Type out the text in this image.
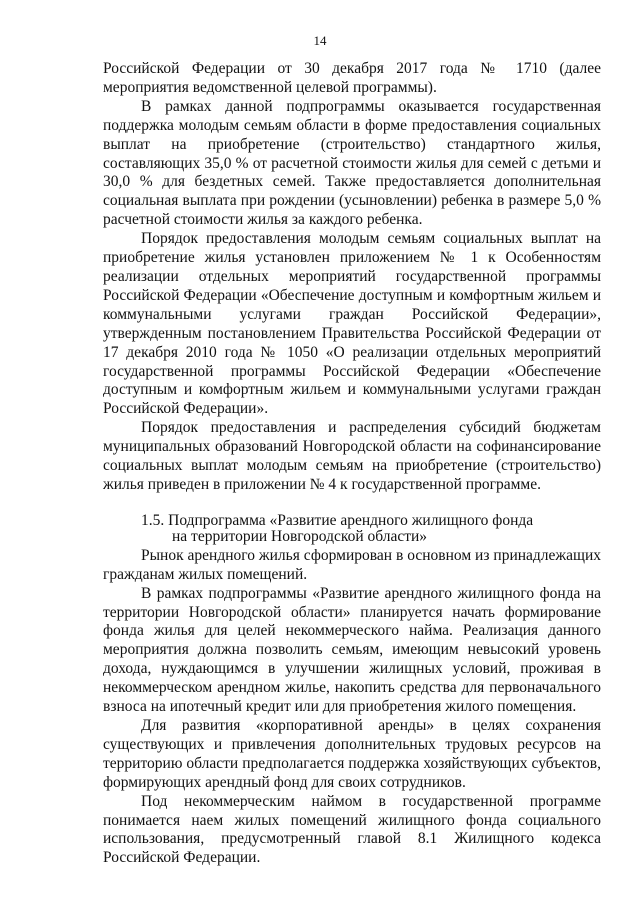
14

Российской Федерации от 30 декабря 2017 года № 1710 (далее мероприятия ведомственной целевой программы).

В рамках данной подпрограммы оказывается государственная поддержка молодым семьям области в форме предоставления социальных выплат на приобретение (строительство) стандартного жилья, составляющих 35,0 % от расчетной стоимости жилья для семей с детьми и 30,0 % для бездетных семей. Также предоставляется дополнительная социальная выплата при рождении (усыновлении) ребенка в размере 5,0 % расчетной стоимости жилья за каждого ребенка.

Порядок предоставления молодым семьям социальных выплат на приобретение жилья установлен приложением № 1 к Особенностям реализации отдельных мероприятий государственной программы Российской Федерации «Обеспечение доступным и комфортным жильем и коммунальными услугами граждан Российской Федерации», утвержденным постановлением Правительства Российской Федерации от 17 декабря 2010 года № 1050 «О реализации отдельных мероприятий государственной программы Российской Федерации «Обеспечение доступным и комфортным жильем и коммунальными услугами граждан Российской Федерации».

Порядок предоставления и распределения субсидий бюджетам муниципальных образований Новгородской области на софинансирование социальных выплат молодым семьям на приобретение (строительство) жилья приведен в приложении № 4 к государственной программе.

1.5. Подпрограмма «Развитие арендного жилищного фонда
на территории Новгородской области»

Рынок арендного жилья сформирован в основном из принадлежащих гражданам жилых помещений.

В рамках подпрограммы «Развитие арендного жилищного фонда на территории Новгородской области» планируется начать формирование фонда жилья для целей некоммерческого найма. Реализация данного мероприятия должна позволить семьям, имеющим невысокий уровень дохода, нуждающимся в улучшении жилищных условий, проживая в некоммерческом арендном жилье, накопить средства для первоначального взноса на ипотечный кредит или для приобретения жилого помещения.

Для развития «корпоративной аренды» в целях сохранения существующих и привлечения дополнительных трудовых ресурсов на территорию области предполагается поддержка хозяйствующих субъектов, формирующих арендный фонд для своих сотрудников.

Под некоммерческим наймом в государственной программе понимается наем жилых помещений жилищного фонда социального использования, предусмотренный главой 8.1 Жилищного кодекса Российской Федерации.
